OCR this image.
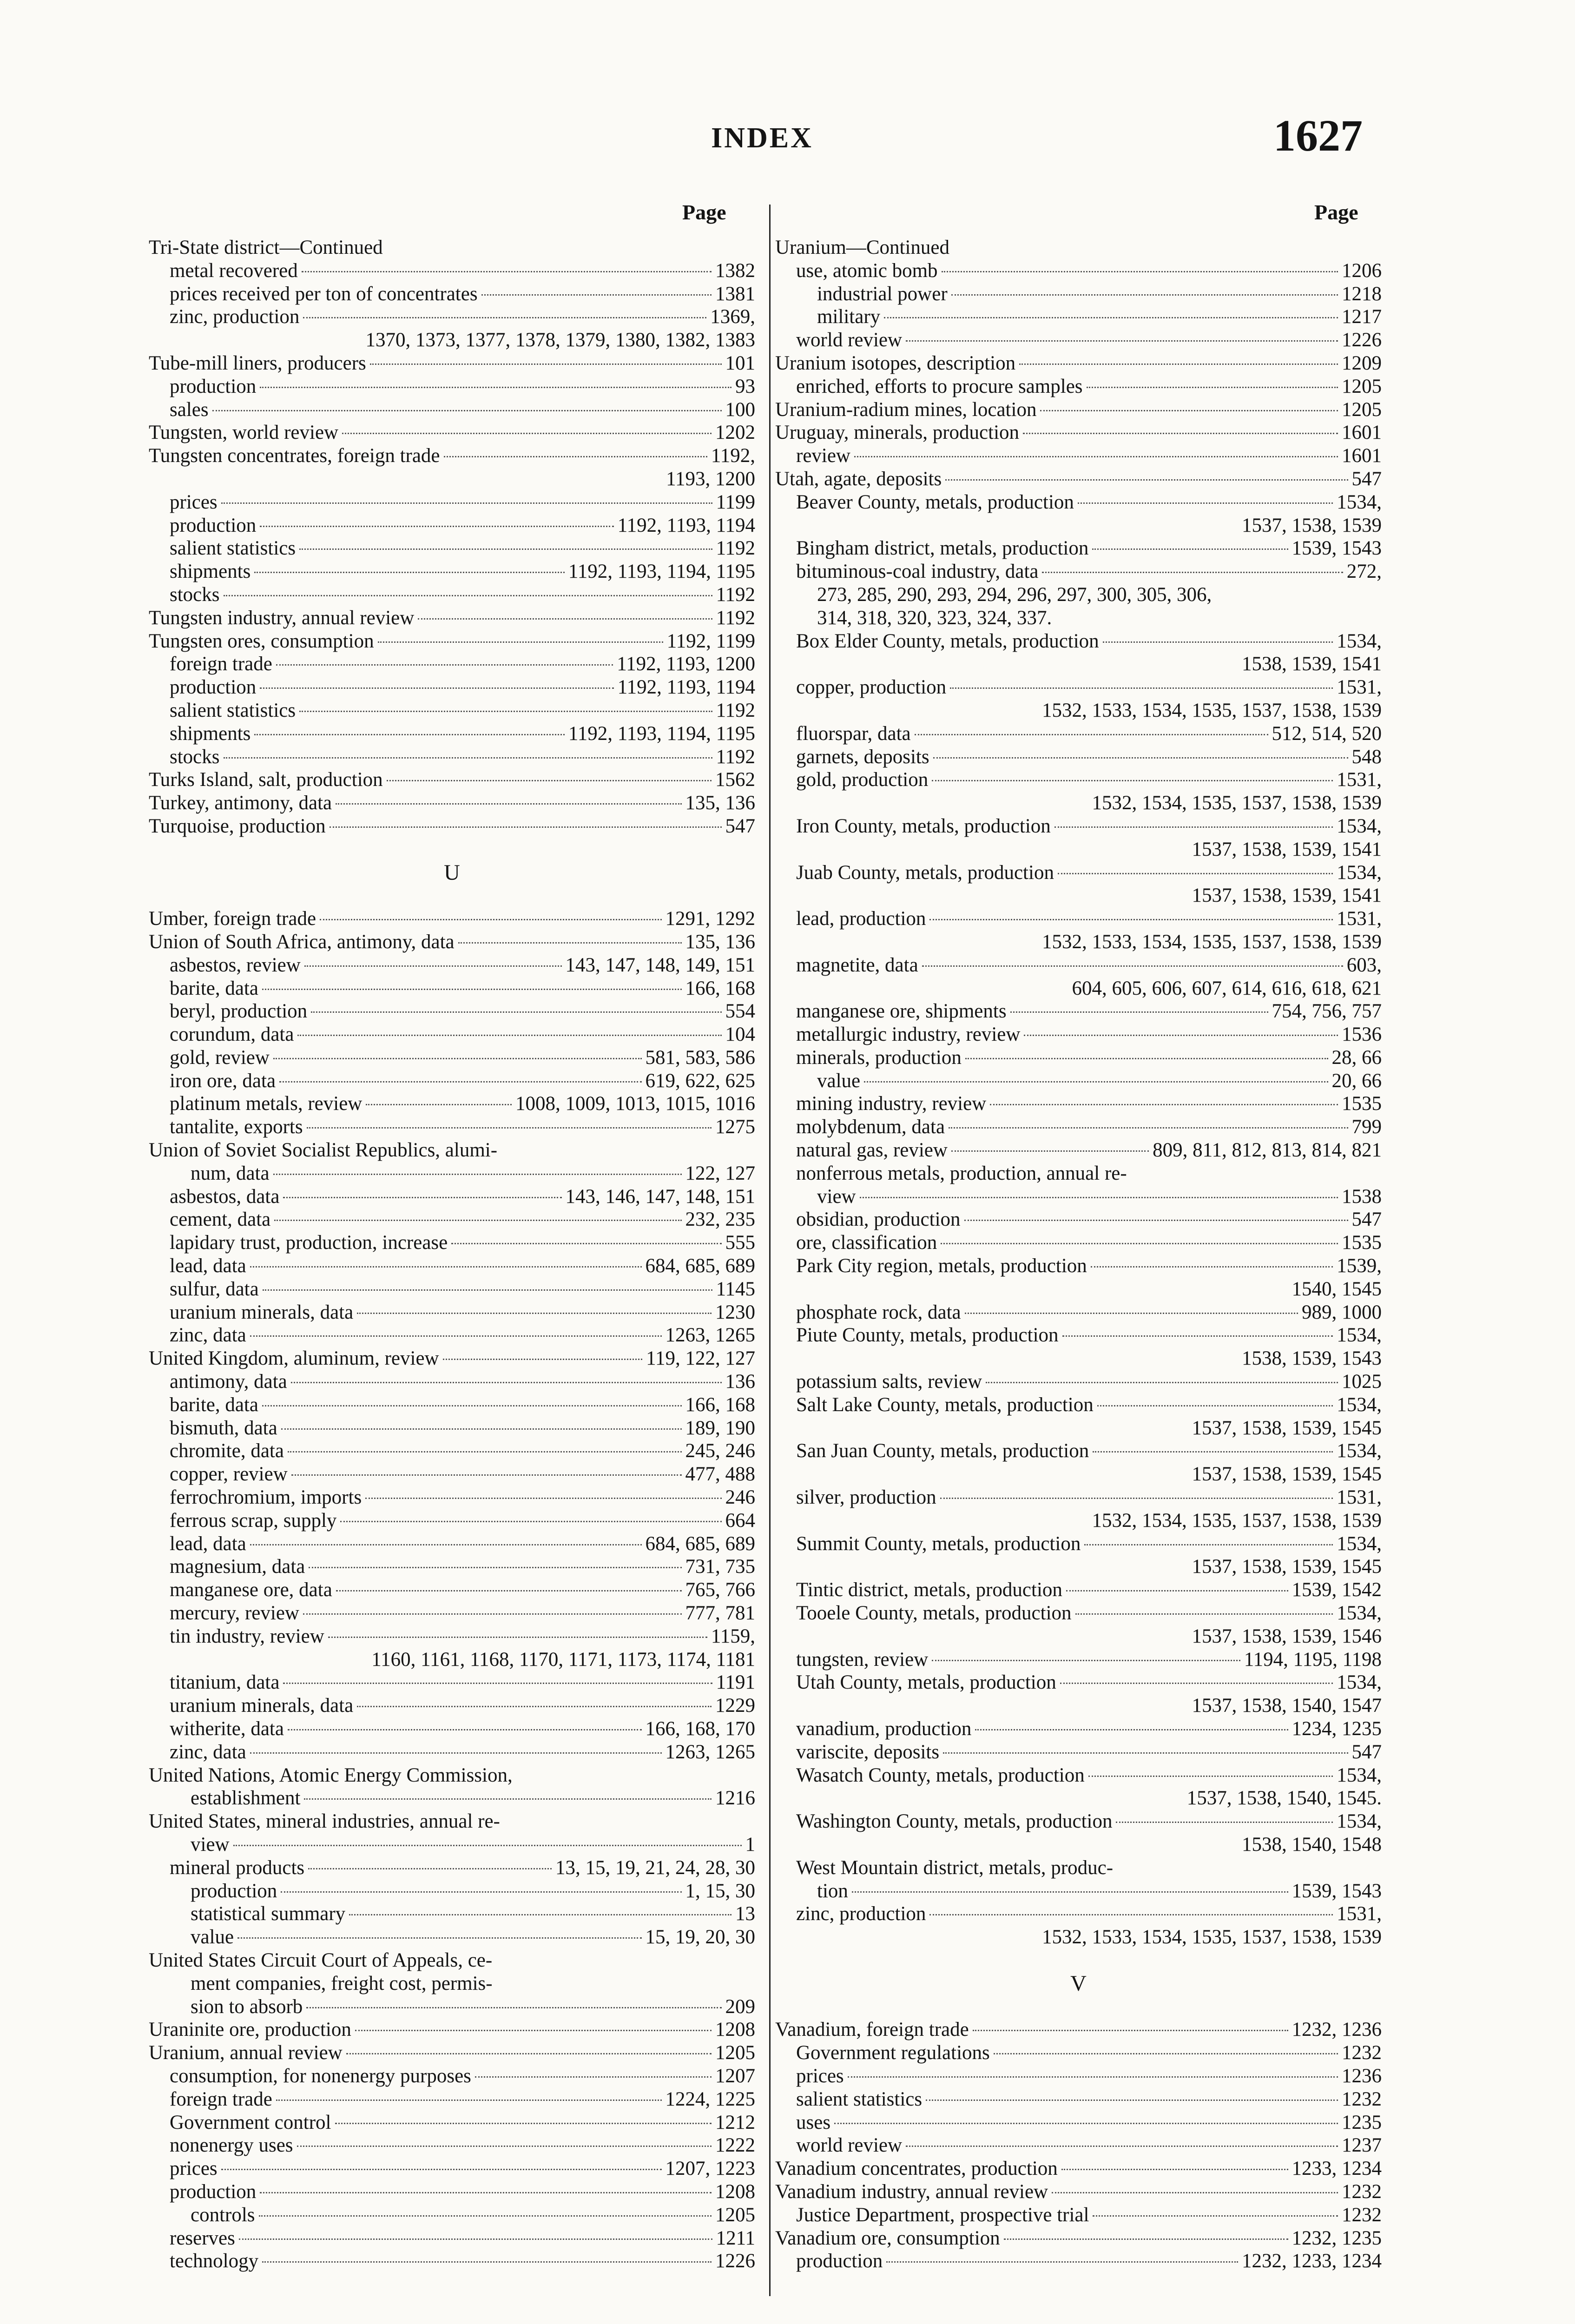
INDEX	1627
Page	Page
Tri-State district—Continued
metal recovered	1382
prices received per ton of concentrates	1381
zinc, production	1369,
1370, 1373, 1377, 1378, 1379, 1380, 1382, 1383
Tube-mill liners, producers	101
production	93
sales	100
Tungsten, world review	1202
Tungsten concentrates, foreign trade	1192,
1193, 1200
prices	1199
production	1192, 1193, 1194
salient statistics	1192
shipments	1192, 1193, 1194, 1195
stocks	1192
Tungsten industry, annual review	1192
Tungsten ores, consumption	1192, 1199
foreign trade	1192, 1193, 1200
production	1192, 1193, 1194
salient statistics	1192
shipments	1192, 1193, 1194, 1195
stocks	1192
Turks Island, salt, production	1562
Turkey, antimony, data	135, 136
Turquoise, production	547
U
Umber, foreign trade	1291, 1292
Union of South Africa, antimony, data	135, 136
asbestos, review	143, 147, 148, 149, 151
barite, data	166, 168
beryl, production	554
corundum, data	104
gold, review	581, 583, 586
iron ore, data	619, 622, 625
platinum metals, review	1008, 1009, 1013, 1015, 1016
tantalite, exports	1275
Union of Soviet Socialist Republics, alumi-
num, data	122, 127
asbestos, data	143, 146, 147, 148, 151
cement, data	232, 235
lapidary trust, production, increase	555
lead, data	684, 685, 689
sulfur, data	1145
uranium minerals, data	1230
zinc, data	1263, 1265
United Kingdom, aluminum, review	119, 122, 127
antimony, data	136
barite, data	166, 168
bismuth, data	189, 190
chromite, data	245, 246
copper, review	477, 488
ferrochromium, imports	246
ferrous scrap, supply	664
lead, data	684, 685, 689
magnesium, data	731, 735
manganese ore, data	765, 766
mercury, review	777, 781
tin industry, review	1159,
1160, 1161, 1168, 1170, 1171, 1173, 1174, 1181
titanium, data	1191
uranium minerals, data	1229
witherite, data	166, 168, 170
zinc, data	1263, 1265
United Nations, Atomic Energy Commission,
establishment	1216
United States, mineral industries, annual re-
view	1
mineral products	13, 15, 19, 21, 24, 28, 30
production	1, 15, 30
statistical summary	13
value	15, 19, 20, 30
United States Circuit Court of Appeals, ce-
ment companies, freight cost, permis-
sion to absorb	209
Uraninite ore, production	1208
Uranium, annual review	1205
consumption, for nonenergy purposes	1207
foreign trade	1224, 1225
Government control	1212
nonenergy uses	1222
prices	1207, 1223
production	1208
controls	1205
reserves	1211
technology	1226
Uranium—Continued
use, atomic bomb	1206
industrial power	1218
military	1217
world review	1226
Uranium isotopes, description	1209
enriched, efforts to procure samples	1205
Uranium-radium mines, location	1205
Uruguay, minerals, production	1601
review	1601
Utah, agate, deposits	547
Beaver County, metals, production	1534,
1537, 1538, 1539
Bingham district, metals, production	1539, 1543
bituminous-coal industry, data	272,
273, 285, 290, 293, 294, 296, 297, 300, 305, 306,
314, 318, 320, 323, 324, 337.
Box Elder County, metals, production	1534,
1538, 1539, 1541
copper, production	1531,
1532, 1533, 1534, 1535, 1537, 1538, 1539
fluorspar, data	512, 514, 520
garnets, deposits	548
gold, production	1531,
1532, 1534, 1535, 1537, 1538, 1539
Iron County, metals, production	1534,
1537, 1538, 1539, 1541
Juab County, metals, production	1534,
1537, 1538, 1539, 1541
lead, production	1531,
1532, 1533, 1534, 1535, 1537, 1538, 1539
magnetite, data	603,
604, 605, 606, 607, 614, 616, 618, 621
manganese ore, shipments	754, 756, 757
metallurgic industry, review	1536
minerals, production	28, 66
value	20, 66
mining industry, review	1535
molybdenum, data	799
natural gas, review	809, 811, 812, 813, 814, 821
nonferrous metals, production, annual re-
view	1538
obsidian, production	547
ore, classification	1535
Park City region, metals, production	1539,
1540, 1545
phosphate rock, data	989, 1000
Piute County, metals, production	1534,
1538, 1539, 1543
potassium salts, review	1025
Salt Lake County, metals, production	1534,
1537, 1538, 1539, 1545
San Juan County, metals, production	1534,
1537, 1538, 1539, 1545
silver, production	1531,
1532, 1534, 1535, 1537, 1538, 1539
Summit County, metals, production	1534,
1537, 1538, 1539, 1545
Tintic district, metals, production	1539, 1542
Tooele County, metals, production	1534,
1537, 1538, 1539, 1546
tungsten, review	1194, 1195, 1198
Utah County, metals, production	1534,
1537, 1538, 1540, 1547
vanadium, production	1234, 1235
variscite, deposits	547
Wasatch County, metals, production	1534,
1537, 1538, 1540, 1545.
Washington County, metals, production	1534,
1538, 1540, 1548
West Mountain district, metals, produc-
tion	1539, 1543
zinc, production	1531,
1532, 1533, 1534, 1535, 1537, 1538, 1539
V
Vanadium, foreign trade	1232, 1236
Government regulations	1232
prices	1236
salient statistics	1232
uses	1235
world review	1237
Vanadium concentrates, production	1233, 1234
Vanadium industry, annual review	1232
Justice Department, prospective trial	1232
Vanadium ore, consumption	1232, 1235
production	1232, 1233, 1234
